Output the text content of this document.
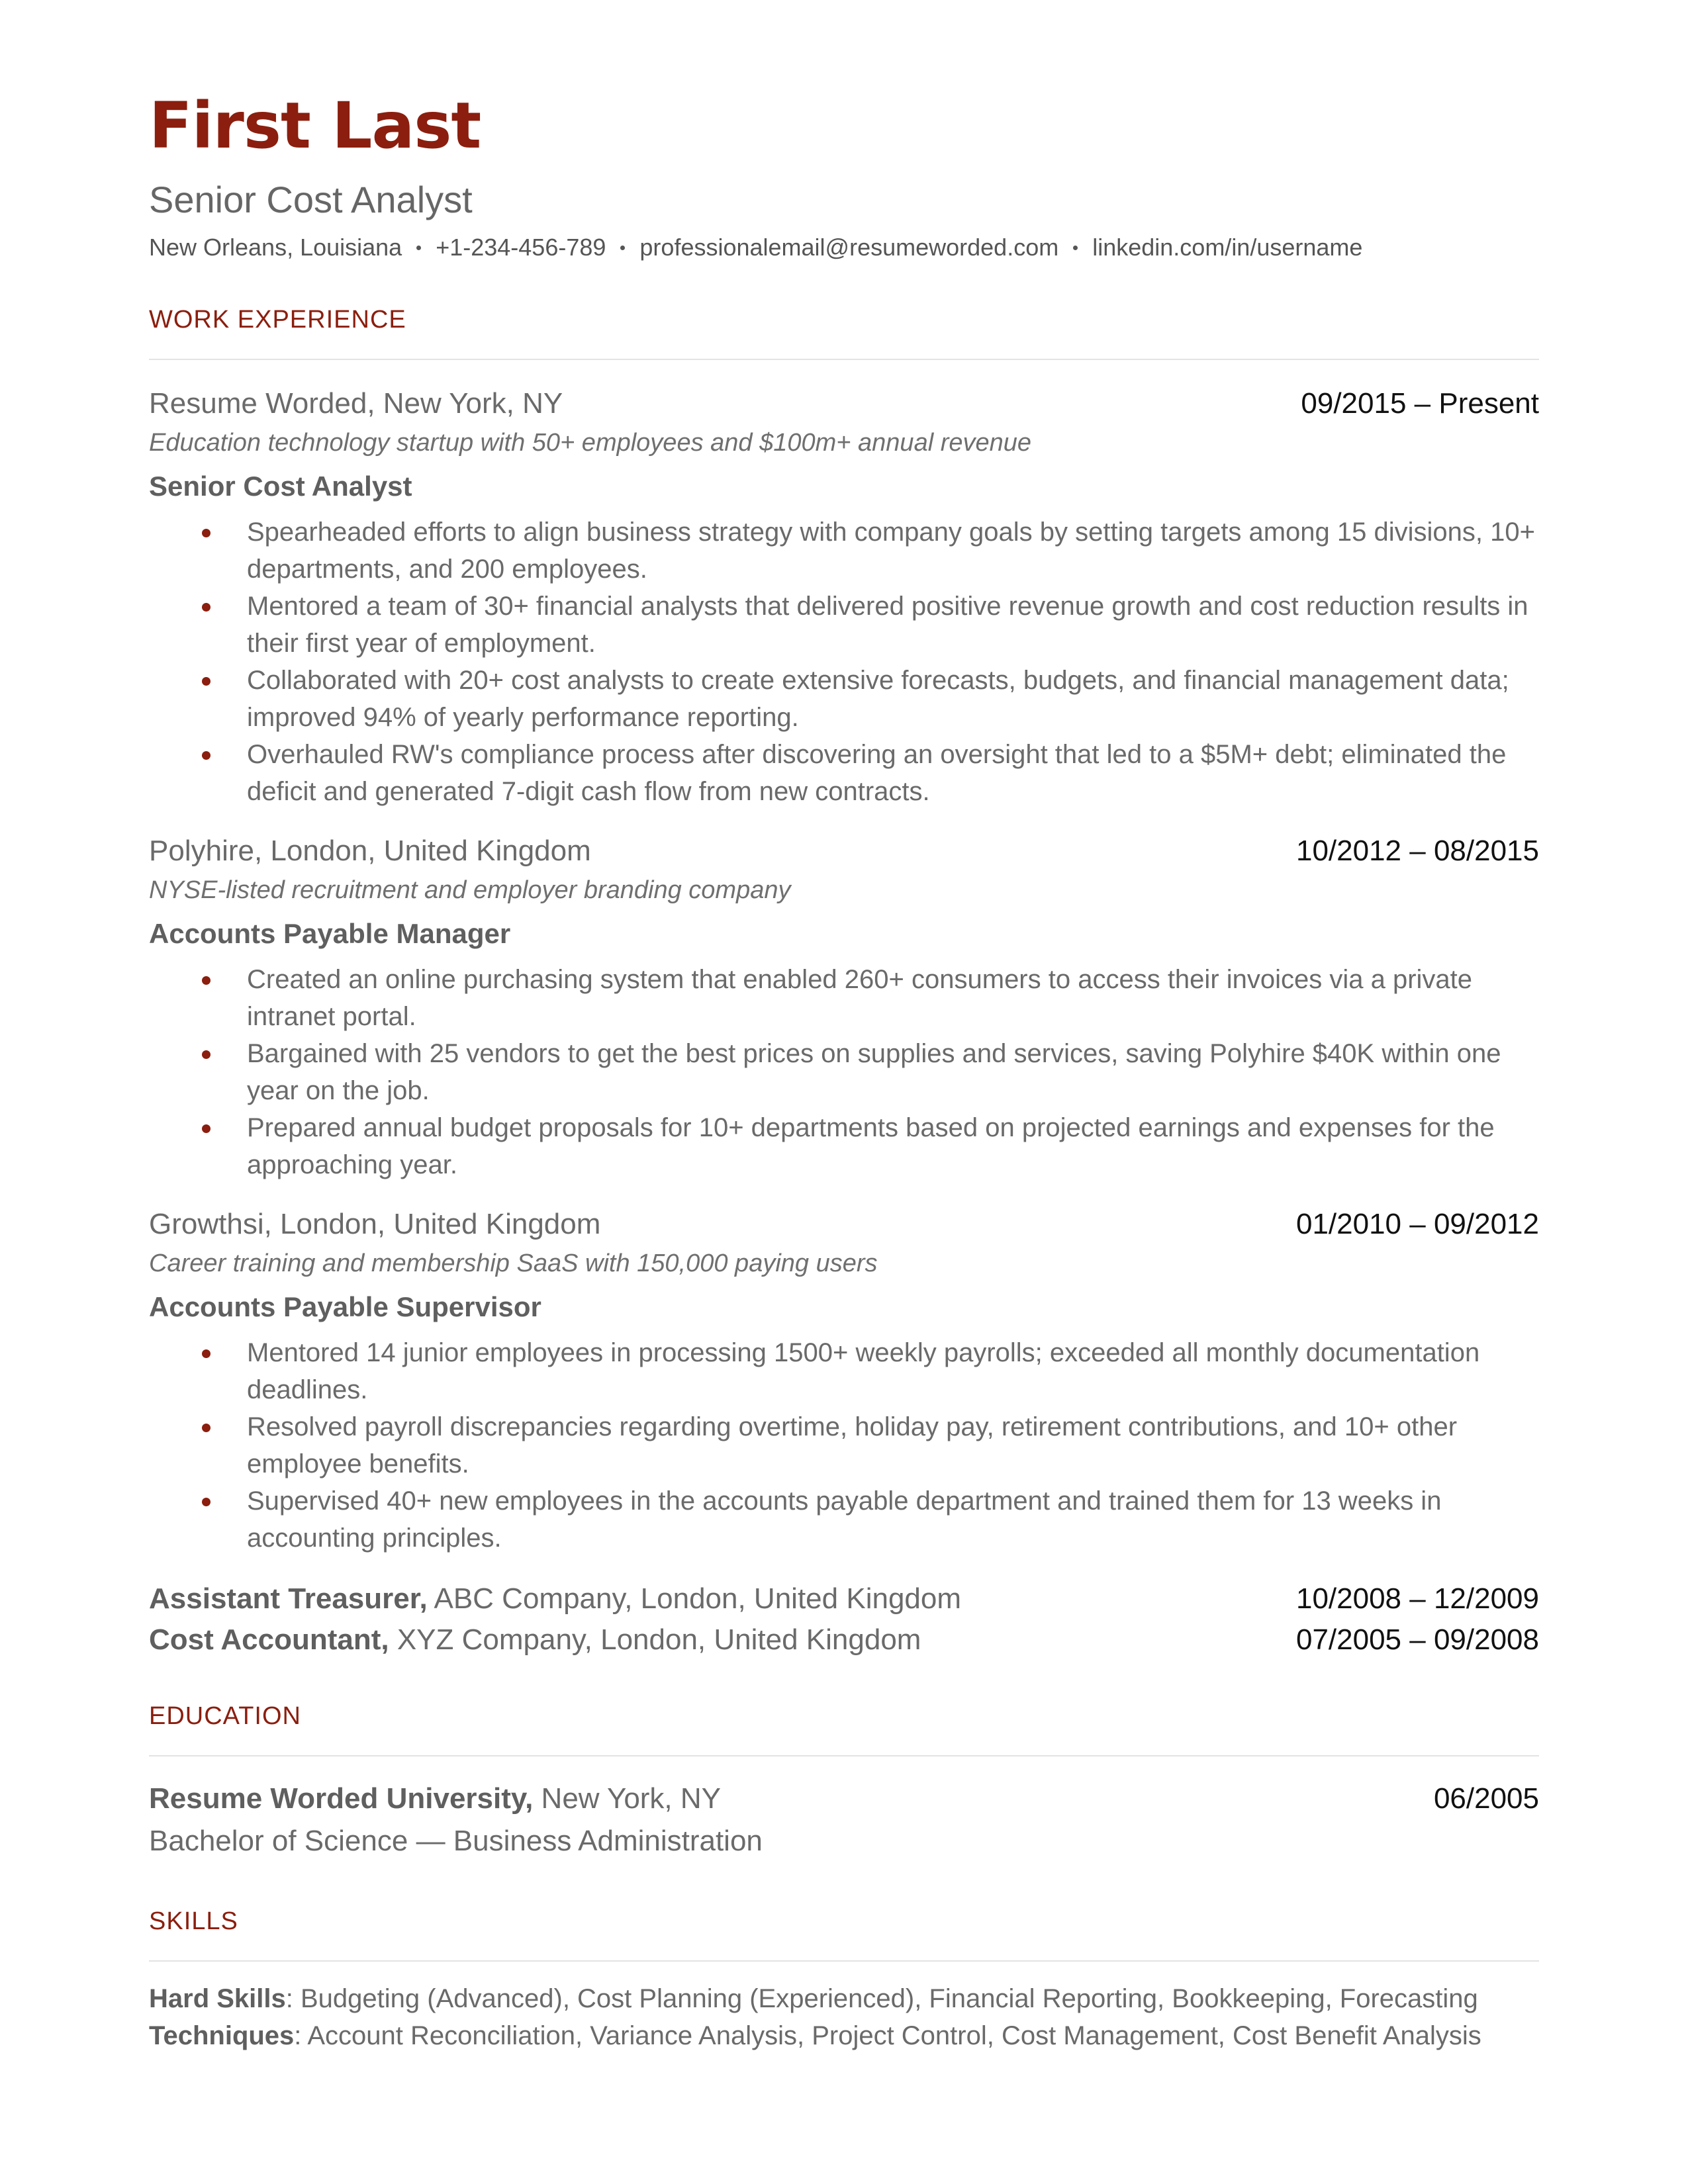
First Last
Senior Cost Analyst
New Orleans, Louisiana +1-234-456-789 professionalemail@resumeworded.com linkedin.com/in/username
WORK EXPERIENCE
Resume Worded, New York, NY	09/2015 – Present
Education technology startup with 50+ employees and $100m+ annual revenue
Senior Cost Analyst
Spearheaded efforts to align business strategy with company goals by setting targets among 15 divisions, 10+ departments, and 200 employees.
Mentored a team of 30+ financial analysts that delivered positive revenue growth and cost reduction results in their first year of employment.
Collaborated with 20+ cost analysts to create extensive forecasts, budgets, and financial management data; improved 94% of yearly performance reporting.
Overhauled RW's compliance process after discovering an oversight that led to a $5M+ debt; eliminated the deficit and generated 7-digit cash flow from new contracts.
Polyhire, London, United Kingdom	10/2012 – 08/2015
NYSE-listed recruitment and employer branding company
Accounts Payable Manager
Created an online purchasing system that enabled 260+ consumers to access their invoices via a private intranet portal.
Bargained with 25 vendors to get the best prices on supplies and services, saving Polyhire $40K within one year on the job.
Prepared annual budget proposals for 10+ departments based on projected earnings and expenses for the approaching year.
Growthsi, London, United Kingdom	01/2010 – 09/2012
Career training and membership SaaS with 150,000 paying users
Accounts Payable Supervisor
Mentored 14 junior employees in processing 1500+ weekly payrolls; exceeded all monthly documentation deadlines.
Resolved payroll discrepancies regarding overtime, holiday pay, retirement contributions, and 10+ other employee benefits.
Supervised 40+ new employees in the accounts payable department and trained them for 13 weeks in accounting principles.
Assistant Treasurer, ABC Company, London, United Kingdom	10/2008 – 12/2009
Cost Accountant, XYZ Company, London, United Kingdom	07/2005 – 09/2008
EDUCATION
Resume Worded University, New York, NY	06/2005
Bachelor of Science — Business Administration
SKILLS
Hard Skills: Budgeting (Advanced), Cost Planning (Experienced), Financial Reporting, Bookkeeping, Forecasting
Techniques: Account Reconciliation, Variance Analysis, Project Control, Cost Management, Cost Benefit Analysis
